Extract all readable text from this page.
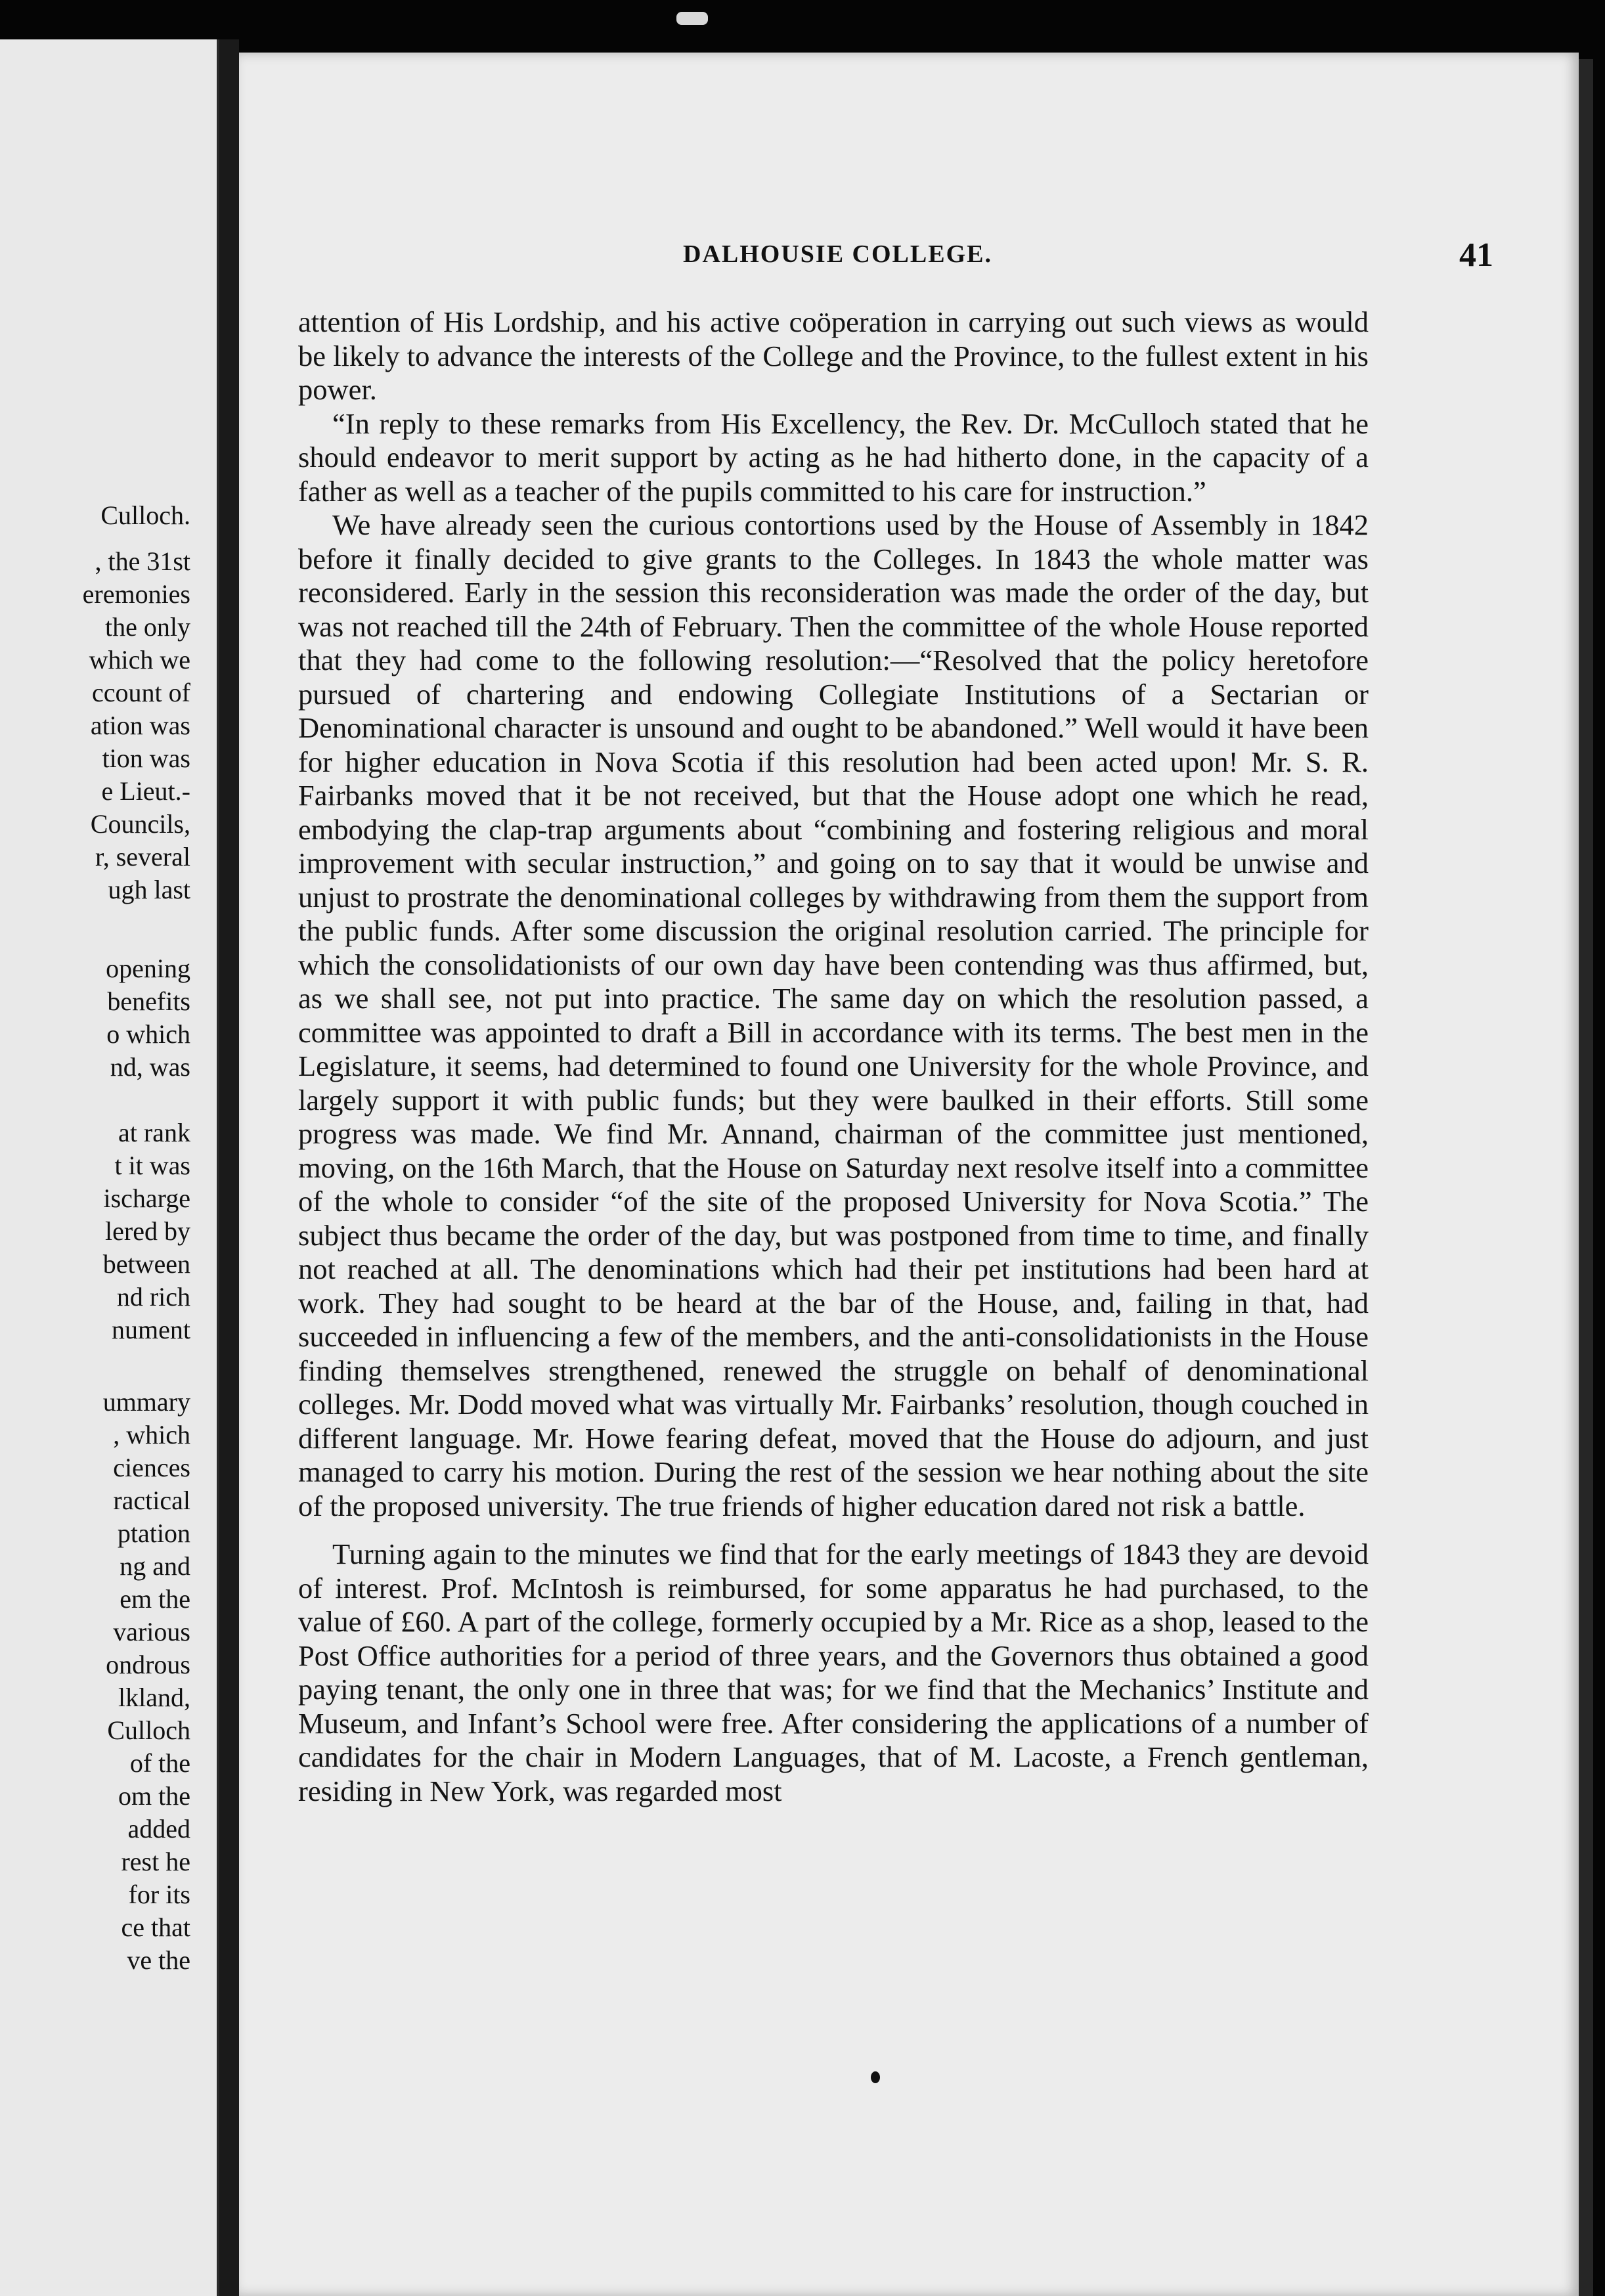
Culloch.
, the 31st
eremonies
the only
which we
ccount of
ation was
tion was
e Lieut.-
Councils,
r, several
ugh last
opening
benefits
o which
nd, was
at rank
t it was
ischarge
lered by
between
nd rich
nument
ummary
, which
ciences
ractical
ptation
ng and
em the
various
ondrous
lkland,
Culloch
of the
om the
added
rest he
for its
ce that
ve the
DALHOUSIE COLLEGE.	41

attention of His Lordship, and his active coöperation in carrying out such views as would be likely to advance the interests of the College and the Province, to the fullest extent in his power.

“In reply to these remarks from His Excellency, the Rev. Dr. McCulloch stated that he should endeavor to merit support by acting as he had hitherto done, in the capacity of a father as well as a teacher of the pupils committed to his care for instruction.”

We have already seen the curious contortions used by the House of Assembly in 1842 before it finally decided to give grants to the Colleges. In 1843 the whole matter was reconsidered. Early in the session this reconsideration was made the order of the day, but was not reached till the 24th of February. Then the committee of the whole House reported that they had come to the following resolution:—“Resolved that the policy heretofore pursued of chartering and endowing Collegiate Institutions of a Sectarian or Denominational character is unsound and ought to be abandoned.” Well would it have been for higher education in Nova Scotia if this resolution had been acted upon! Mr. S. R. Fairbanks moved that it be not received, but that the House adopt one which he read, embodying the clap-trap arguments about “combining and fostering religious and moral improvement with secular instruction,” and going on to say that it would be unwise and unjust to prostrate the denominational colleges by withdrawing from them the support from the public funds. After some discussion the original resolution carried. The principle for which the consolidationists of our own day have been contending was thus affirmed, but, as we shall see, not put into practice. The same day on which the resolution passed, a committee was appointed to draft a Bill in accordance with its terms. The best men in the Legislature, it seems, had determined to found one University for the whole Province, and largely support it with public funds; but they were baulked in their efforts. Still some progress was made. We find Mr. Annand, chairman of the committee just mentioned, moving, on the 16th March, that the House on Saturday next resolve itself into a committee of the whole to consider “of the site of the proposed University for Nova Scotia.” The subject thus became the order of the day, but was postponed from time to time, and finally not reached at all. The denominations which had their pet institutions had been hard at work. They had sought to be heard at the bar of the House, and, failing in that, had succeeded in influencing a few of the members, and the anti-consolidationists in the House finding themselves strengthened, renewed the struggle on behalf of denominational colleges. Mr. Dodd moved what was virtually Mr. Fairbanks’ resolution, though couched in different language. Mr. Howe fearing defeat, moved that the House do adjourn, and just managed to carry his motion. During the rest of the session we hear nothing about the site of the proposed university. The true friends of higher education dared not risk a battle.

Turning again to the minutes we find that for the early meetings of 1843 they are devoid of interest. Prof. McIntosh is reimbursed, for some apparatus he had purchased, to the value of £60. A part of the college, formerly occupied by a Mr. Rice as a shop, leased to the Post Office authorities for a period of three years, and the Governors thus obtained a good paying tenant, the only one in three that was; for we find that the Mechanics’ Institute and Museum, and Infant’s School were free. After considering the applications of a number of candidates for the chair in Modern Languages, that of M. Lacoste, a French gentleman, residing in New York, was regarded most
